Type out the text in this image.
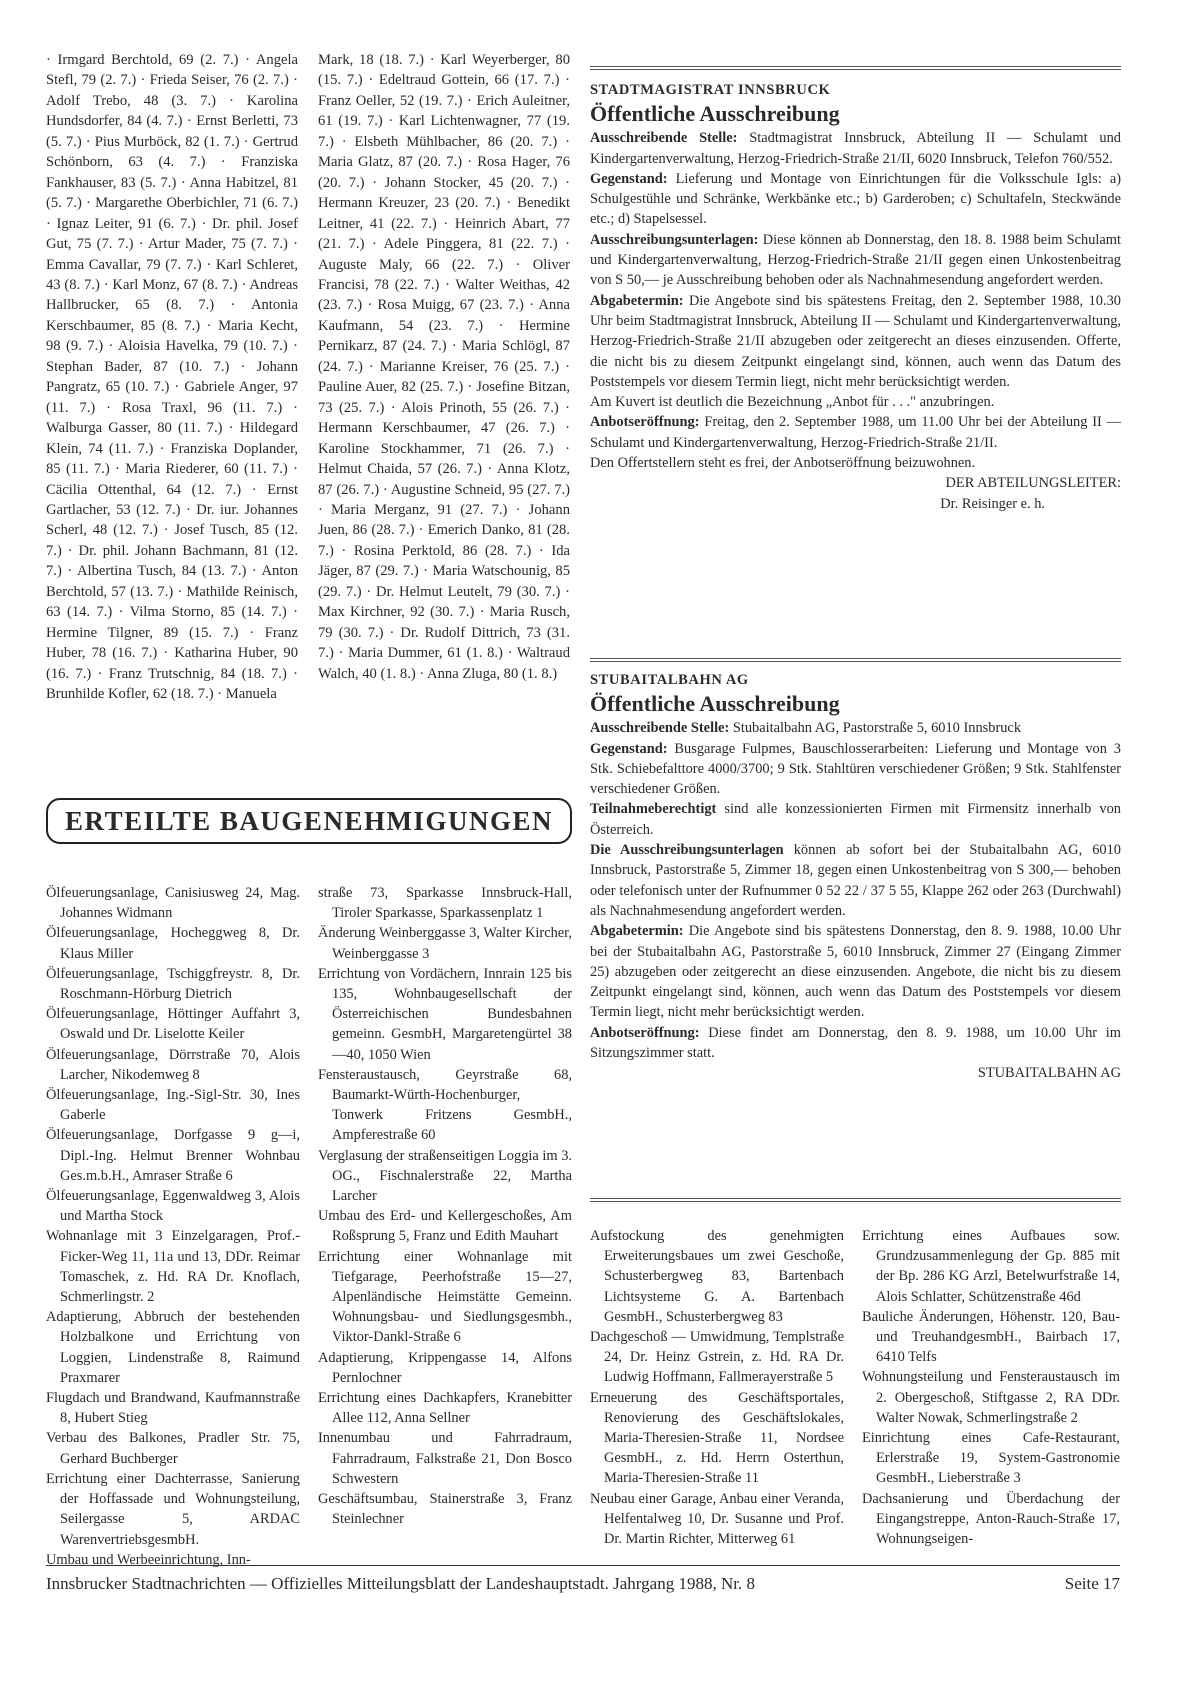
· Irmgard Berchtold, 69 (2. 7.) · Angela Stefl, 79 (2. 7.) · Frieda Seiser, 76 (2. 7.) · Adolf Trebo, 48 (3. 7.) · Karolina Hundsdorfer, 84 (4. 7.) · Ernst Berletti, 73 (5. 7.) · Pius Murböck, 82 (1. 7.) · Gertrud Schönborn, 63 (4. 7.) · Franziska Fankhauser, 83 (5. 7.) · Anna Habitzel, 81 (5. 7.) · Margarethe Oberbichler, 71 (6. 7.) · Ignaz Leiter, 91 (6. 7.) · Dr. phil. Josef Gut, 75 (7. 7.) · Artur Mader, 75 (7. 7.) · Emma Cavallar, 79 (7. 7.) · Karl Schleret, 43 (8. 7.) · Karl Monz, 67 (8. 7.) · Andreas Hallbrucker, 65 (8. 7.) · Antonia Kerschbaumer, 85 (8. 7.) · Maria Kecht, 98 (9. 7.) · Aloisia Havelka, 79 (10. 7.) · Stephan Bader, 87 (10. 7.) · Johann Pangratz, 65 (10. 7.) · Gabriele Anger, 97 (11. 7.) · Rosa Traxl, 96 (11. 7.) · Walburga Gasser, 80 (11. 7.) · Hildegard Klein, 74 (11. 7.) · Franziska Doplander, 85 (11. 7.) · Maria Riederer, 60 (11. 7.) · Cäcilia Ottenthal, 64 (12. 7.) · Ernst Gartlacher, 53 (12. 7.) · Dr. iur. Johannes Scherl, 48 (12. 7.) · Josef Tusch, 85 (12. 7.) · Dr. phil. Johann Bachmann, 81 (12. 7.) · Albertina Tusch, 84 (13. 7.) · Anton Berchtold, 57 (13. 7.) · Mathilde Reinisch, 63 (14. 7.) · Vilma Storno, 85 (14. 7.) · Hermine Tilgner, 89 (15. 7.) · Franz Huber, 78 (16. 7.) · Katharina Huber, 90 (16. 7.) · Franz Trutschnig, 84 (18. 7.) · Brunhilde Kofler, 62 (18. 7.) · Manuela

Mark, 18 (18. 7.) · Karl Weyerberger, 80 (15. 7.) · Edeltraud Gottein, 66 (17. 7.) · Franz Oeller, 52 (19. 7.) · Erich Auleitner, 61 (19. 7.) · Karl Lichtenwagner, 77 (19. 7.) · Elsbeth Mühlbacher, 86 (20. 7.) · Maria Glatz, 87 (20. 7.) · Rosa Hager, 76 (20. 7.) · Johann Stocker, 45 (20. 7.) · Hermann Kreuzer, 23 (20. 7.) · Benedikt Leitner, 41 (22. 7.) · Heinrich Abart, 77 (21. 7.) · Adele Pinggera, 81 (22. 7.) · Auguste Maly, 66 (22. 7.) · Oliver Francisi, 78 (22. 7.) · Walter Weithas, 42 (23. 7.) · Rosa Muigg, 67 (23. 7.) · Anna Kaufmann, 54 (23. 7.) · Hermine Pernikarz, 87 (24. 7.) · Maria Schlögl, 87 (24. 7.) · Marianne Kreiser, 76 (25. 7.) · Pauline Auer, 82 (25. 7.) · Josefine Bitzan, 73 (25. 7.) · Alois Prinoth, 55 (26. 7.) · Hermann Kerschbaumer, 47 (26. 7.) · Karoline Stockhammer, 71 (26. 7.) · Helmut Chaida, 57 (26. 7.) · Anna Klotz, 87 (26. 7.) · Augustine Schneid, 95 (27. 7.) · Maria Merganz, 91 (27. 7.) · Johann Juen, 86 (28. 7.) · Emerich Danko, 81 (28. 7.) · Rosina Perktold, 86 (28. 7.) · Ida Jäger, 87 (29. 7.) · Maria Watschounig, 85 (29. 7.) · Dr. Helmut Leutelt, 79 (30. 7.) · Max Kirchner, 92 (30. 7.) · Maria Rusch, 79 (30. 7.) · Dr. Rudolf Dittrich, 73 (31. 7.) · Maria Dummer, 61 (1. 8.) · Waltraud Walch, 40 (1. 8.) · Anna Zluga, 80 (1. 8.)

STADTMAGISTRAT INNSBRUCK

Öffentliche Ausschreibung

Ausschreibende Stelle: Stadtmagistrat Innsbruck, Abteilung II — Schulamt und Kindergartenverwaltung, Herzog-Friedrich-Straße 21/II, 6020 Innsbruck, Telefon 760/552.

Gegenstand: Lieferung und Montage von Einrichtungen für die Volksschule Igls: a) Schulgestühle und Schränke, Werkbänke etc.; b) Garderoben; c) Schultafeln, Steckwände etc.; d) Stapelsessel.

Ausschreibungsunterlagen: Diese können ab Donnerstag, den 18. 8. 1988 beim Schulamt und Kindergartenverwaltung, Herzog-Friedrich-Straße 21/II gegen einen Unkostenbeitrag von S 50,— je Ausschreibung behoben oder als Nachnahmesendung angefordert werden.

Abgabetermin: Die Angebote sind bis spätestens Freitag, den 2. September 1988, 10.30 Uhr beim Stadtmagistrat Innsbruck, Abteilung II — Schulamt und Kindergartenverwaltung, Herzog-Friedrich-Straße 21/II abzugeben oder zeitgerecht an dieses einzusenden. Offerte, die nicht bis zu diesem Zeitpunkt eingelangt sind, können, auch wenn das Datum des Poststempels vor diesem Termin liegt, nicht mehr berücksichtigt werden.

Am Kuvert ist deutlich die Bezeichnung „Anbot für . . ." anzubringen.

Anbotseröffnung: Freitag, den 2. September 1988, um 11.00 Uhr bei der Abteilung II — Schulamt und Kindergartenverwaltung, Herzog-Friedrich-Straße 21/II.

Den Offertstellern steht es frei, der Anbotseröffnung beizuwohnen.

DER ABTEILUNGSLEITER:

Dr. Reisinger e. h.

STUBAITALBAHN AG

Öffentliche Ausschreibung

Ausschreibende Stelle: Stubaitalbahn AG, Pastorstraße 5, 6010 Innsbruck

Gegenstand: Busgarage Fulpmes, Bauschlosserarbeiten: Lieferung und Montage von 3 Stk. Schiebefalttore 4000/3700; 9 Stk. Stahltüren verschiedener Größen; 9 Stk. Stahlfenster verschiedener Größen.

Teilnahmeberechtigt sind alle konzessionierten Firmen mit Firmensitz innerhalb von Österreich.

Die Ausschreibungsunterlagen können ab sofort bei der Stubaitalbahn AG, 6010 Innsbruck, Pastorstraße 5, Zimmer 18, gegen einen Unkostenbeitrag von S 300,— behoben oder telefonisch unter der Rufnummer 0 52 22 / 37 5 55, Klappe 262 oder 263 (Durchwahl) als Nachnahmesendung angefordert werden.

Abgabetermin: Die Angebote sind bis spätestens Donnerstag, den 8. 9. 1988, 10.00 Uhr bei der Stubaitalbahn AG, Pastorstraße 5, 6010 Innsbruck, Zimmer 27 (Eingang Zimmer 25) abzugeben oder zeitgerecht an diese einzusenden. Angebote, die nicht bis zu diesem Zeitpunkt eingelangt sind, können, auch wenn das Datum des Poststempels vor diesem Termin liegt, nicht mehr berücksichtigt werden.

Anbotseröffnung: Diese findet am Donnerstag, den 8. 9. 1988, um 10.00 Uhr im Sitzungszimmer statt.

STUBAITALBAHN AG

ERTEILTE BAUGENEHMIGUNGEN

Ölfeuerungsanlage, Canisiusweg 24, Mag. Johannes Widmann

Ölfeuerungsanlage, Hocheggweg 8, Dr. Klaus Miller

Ölfeuerungsanlage, Tschiggfreystr. 8, Dr. Roschmann-Hörburg Dietrich

Ölfeuerungsanlage, Höttinger Auffahrt 3, Oswald und Dr. Liselotte Keiler

Ölfeuerungsanlage, Dörrstraße 70, Alois Larcher, Nikodemweg 8

Ölfeuerungsanlage, Ing.-Sigl-Str. 30, Ines Gaberle

Ölfeuerungsanlage, Dorfgasse 9 g—i, Dipl.-Ing. Helmut Brenner Wohnbau Ges.m.b.H., Amraser Straße 6

Ölfeuerungsanlage, Eggenwaldweg 3, Alois und Martha Stock

Wohnanlage mit 3 Einzelgaragen, Prof.-Ficker-Weg 11, 11a und 13, DDr. Reimar Tomaschek, z. Hd. RA Dr. Knoflach, Schmerlingstr. 2

Adaptierung, Abbruch der bestehenden Holzbalkone und Errichtung von Loggien, Lindenstraße 8, Raimund Praxmarer

Flugdach und Brandwand, Kaufmannstraße 8, Hubert Stieg

Verbau des Balkones, Pradler Str. 75, Gerhard Buchberger

Errichtung einer Dachterrasse, Sanierung der Hoffassade und Wohnungsteilung, Seilergasse 5, ARDAC WarenvertriebsgesmbH.

Umbau und Werbeeinrichtung, Inn-

straße 73, Sparkasse Innsbruck-Hall, Tiroler Sparkasse, Sparkassenplatz 1

Änderung Weinberggasse 3, Walter Kircher, Weinberggasse 3

Errichtung von Vordächern, Innrain 125 bis 135, Wohnbaugesellschaft der Österreichischen Bundesbahnen gemeinn. GesmbH, Margaretengürtel 38—40, 1050 Wien

Fensteraustausch, Geyrstraße 68, Baumarkt-Würth-Hochenburger, Tonwerk Fritzens GesmbH., Ampferestraße 60

Verglasung der straßenseitigen Loggia im 3. OG., Fischnalerstraße 22, Martha Larcher

Umbau des Erd- und Kellergeschoßes, Am Roßsprung 5, Franz und Edith Mauhart

Errichtung einer Wohnanlage mit Tiefgarage, Peerhofstraße 15—27, Alpenländische Heimstätte Gemeinn. Wohnungsbau- und Siedlungsgesmbh., Viktor-Dankl-Straße 6

Adaptierung, Krippengasse 14, Alfons Pernlochner

Errichtung eines Dachkapfers, Kranebitter Allee 112, Anna Sellner

Innenumbau und Fahrradraum, Fahrradraum, Falkstraße 21, Don Bosco Schwestern

Geschäftsumbau, Stainerstraße 3, Franz Steinlechner

Aufstockung des genehmigten Erweiterungsbaues um zwei Geschoße, Schusterbergweg 83, Bartenbach Lichtsysteme G. A. Bartenbach GesmbH., Schusterbergweg 83

Dachgeschoß — Umwidmung, Templstraße 24, Dr. Heinz Gstrein, z. Hd. RA Dr. Ludwig Hoffmann, Fallmerayerstraße 5

Erneuerung des Geschäftsportales, Renovierung des Geschäftslokales, Maria-Theresien-Straße 11, Nordsee GesmbH., z. Hd. Herrn Osterthun, Maria-Theresien-Straße 11

Neubau einer Garage, Anbau einer Veranda, Helfentalweg 10, Dr. Susanne und Prof. Dr. Martin Richter, Mitterweg 61

Errichtung eines Aufbaues sow. Grundzusammenlegung der Gp. 885 mit der Bp. 286 KG Arzl, Betelwurfstraße 14, Alois Schlatter, Schützenstraße 46d

Bauliche Änderungen, Höhenstr. 120, Bau- und TreuhandgesmbH., Bairbach 17, 6410 Telfs

Wohnungsteilung und Fensteraustausch im 2. Obergeschoß, Stiftgasse 2, RA DDr. Walter Nowak, Schmerlingstraße 2

Einrichtung eines Cafe-Restaurant, Erlerstraße 19, System-Gastronomie GesmbH., Lieberstraße 3

Dachsanierung und Überdachung der Eingangstreppe, Anton-Rauch-Straße 17, Wohnungseigen-

Innsbrucker Stadtnachrichten — Offizielles Mitteilungsblatt der Landeshauptstadt. Jahrgang 1988, Nr. 8	Seite 17
